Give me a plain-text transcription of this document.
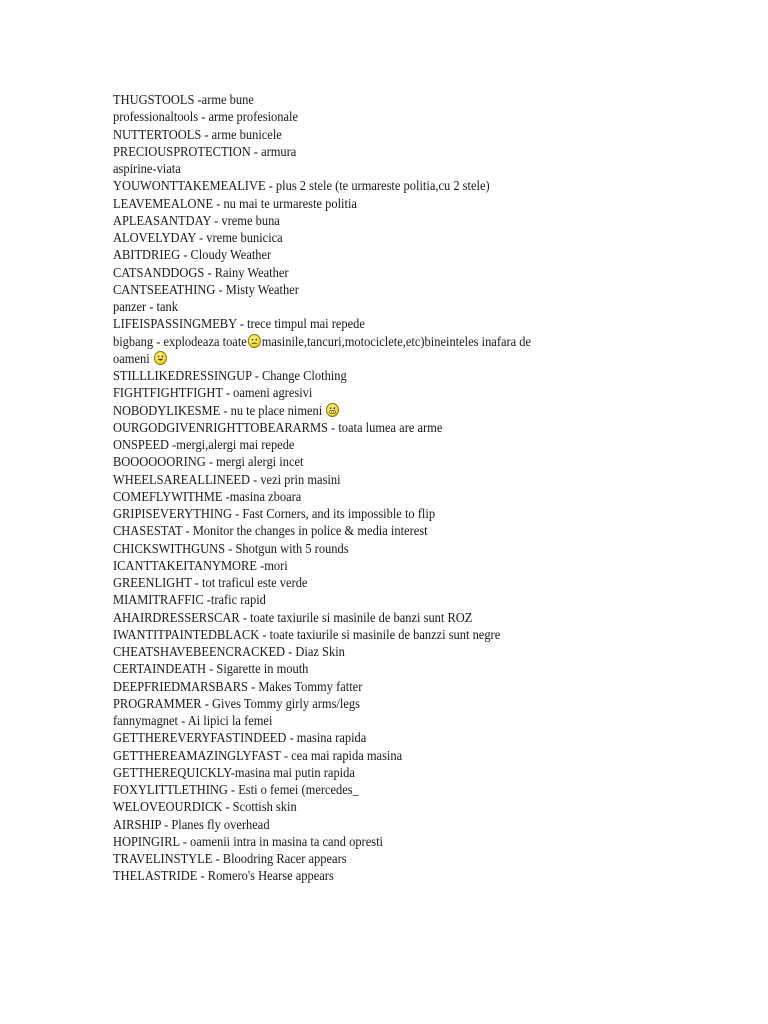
THUGSTOOLS -arme bune
professionaltools - arme profesionale
NUTTERTOOLS - arme bunicele
PRECIOUSPROTECTION - armura
aspirine-viata
YOUWONTTAKEMEALIVE - plus 2 stele (te urmareste politia,cu 2 stele)
LEAVEMEALONE - nu mai te urmareste politia
APLEASANTDAY - vreme buna
ALOVELYDAY - vreme bunicica
ABITDRIEG - Cloudy Weather
CATSANDDOGS - Rainy Weather
CANTSEEATHING - Misty Weather
panzer - tank
LIFEISPASSINGMEBY - trece timpul mai repede
bigbang - explodeaza toate masinile,tancuri,motociclete,etc)bineinteles inafara de
oameni
STILLLIKEDRESSINGUP - Change Clothing
FIGHTFIGHTFIGHT - oameni agresivi
NOBODYLIKESME - nu te place nimeni
OURGODGIVENRIGHTTOBEARARMS - toata lumea are arme
ONSPEED -mergi,alergi mai repede
BOOOOOORING - mergi alergi incet
WHEELSAREALLINEED - vezi prin masini
COMEFLYWITHME -masina zboara
GRIPISEVERYTHING - Fast Corners, and its impossible to flip
CHASESTAT - Monitor the changes in police & media interest
CHICKSWITHGUNS - Shotgun with 5 rounds
ICANTTAKEITANYMORE -mori
GREENLIGHT - tot traficul este verde
MIAMITRAFFIC -trafic rapid
AHAIRDRESSERSCAR - toate taxiurile si masinile de banzi sunt ROZ
IWANTITPAINTEDBLACK - toate taxiurile si masinile de banzzi sunt negre
CHEATSHAVEBEENCRACKED - Diaz Skin
CERTAINDEATH - Sigarette in mouth
DEEPFRIEDMARSBARS - Makes Tommy fatter
PROGRAMMER - Gives Tommy girly arms/legs
fannymagnet - Ai lipici la femei
GETTHEREVERYFASTINDEED - masina rapida
GETTHEREAMAZINGLYFAST - cea mai rapida masina
GETTHEREQUICKLY-masina mai putin rapida
FOXYLITTLETHING - Esti o femei (mercedes_
WELOVEOURDICK - Scottish skin
AIRSHIP - Planes fly overhead
HOPINGIRL - oamenii intra in masina ta cand opresti
TRAVELINSTYLE - Bloodring Racer appears
THELASTRIDE - Romero's Hearse appears
